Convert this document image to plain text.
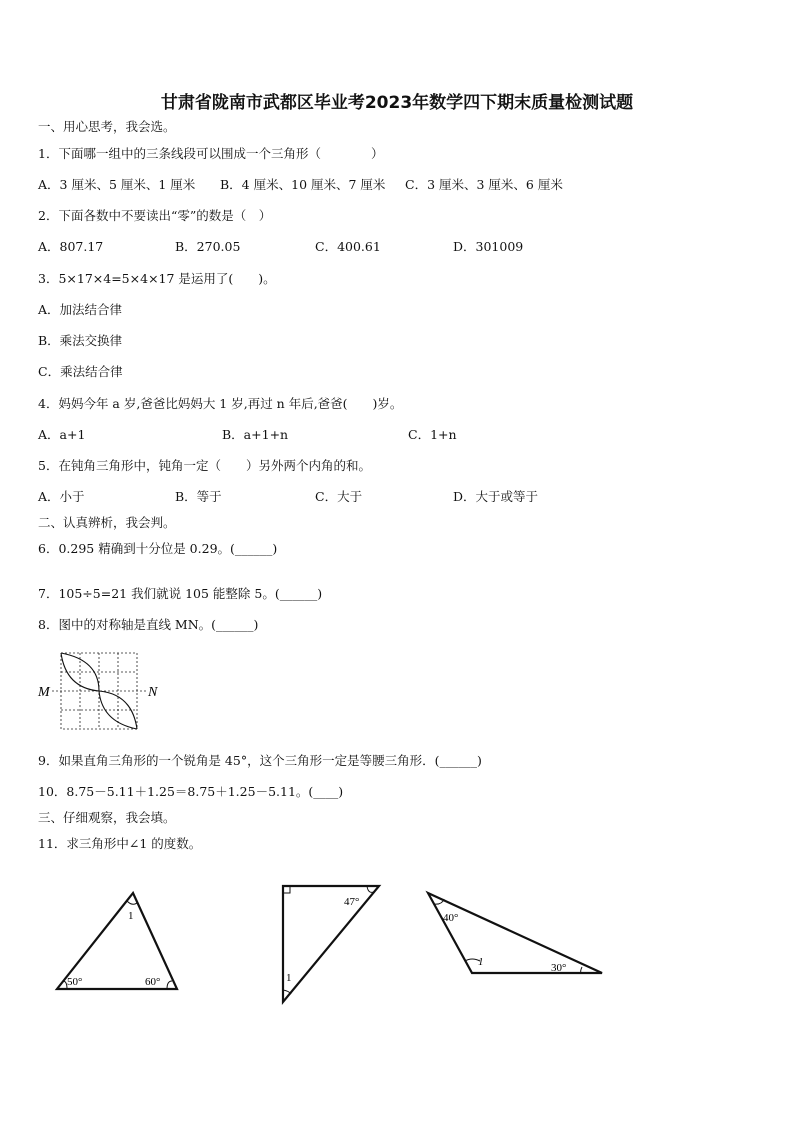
甘肃省陇南市武都区毕业考2023年数学四下期末质量检测试题
一、用心思考，我会选。
1．下面哪一组中的三条线段可以围成一个三角形（　　　　）
A．3 厘米、5 厘米、1 厘米 B．4 厘米、10 厘米、7 厘米 C．3 厘米、3 厘米、6 厘米
2．下面各数中不要读出“零”的数是（　）
A．807.17	B．270.05	C．400.61	D．301009
3．5×17×4=5×4×17 是运用了(　　)。
A．加法结合律
B．乘法交换律
C．乘法结合律
4．妈妈今年 a 岁,爸爸比妈妈大 1 岁,再过 n 年后,爸爸(　　)岁。
A．a+1	B．a+1+n	C．1+n
5．在钝角三角形中，钝角一定（　　）另外两个内角的和。
A．小于	B．等于	C．大于	D．大于或等于
二、认真辨析，我会判。
6．0.295 精确到十分位是 0.29。(______)
7．105÷5=21 我们就说 105 能整除 5。(______)
8．图中的对称轴是直线 MN。(______)
M	N
9．如果直角三角形的一个锐角是 45°，这个三角形一定是等腰三角形．(______)
10．8.75－5.11＋1.25＝8.75＋1.25－5.11。(____)
三、仔细观察，我会填。
11．求三角形中∠1 的度数。
1
50°	60°
47°
1
40°
1	30°
